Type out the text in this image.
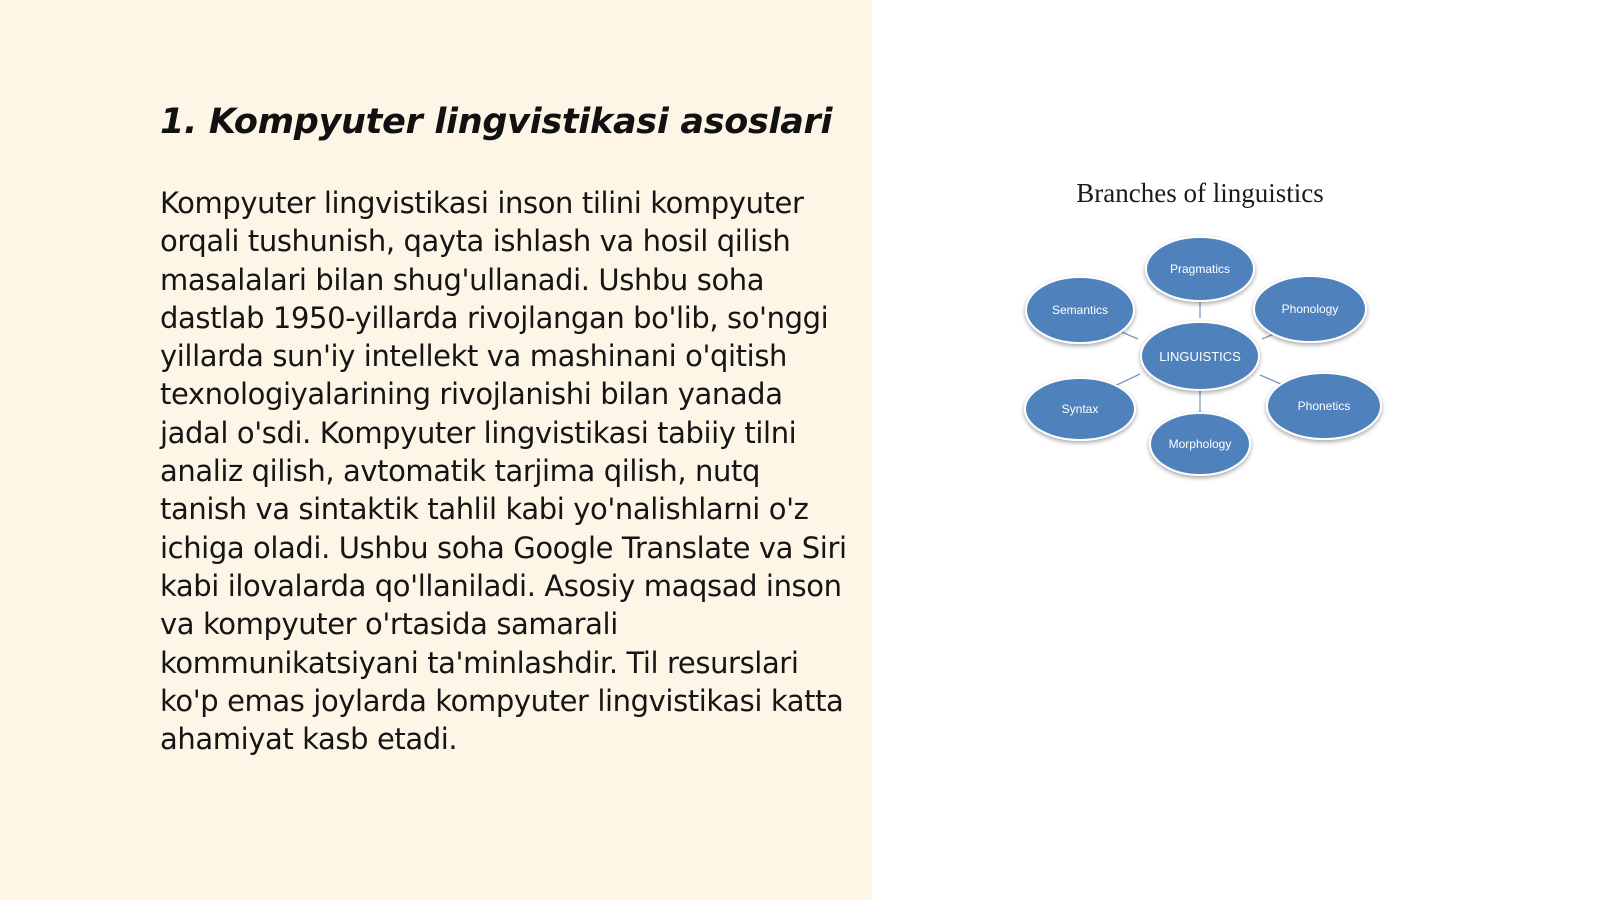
1. Kompyuter lingvistikasi asoslari

Kompyuter lingvistikasi inson tilini kompyuter orqali tushunish, qayta ishlash va hosil qilish masalalari bilan shug'ullanadi. Ushbu soha dastlab 1950-yillarda rivojlangan bo'lib, so'nggi yillarda sun'iy intellekt va mashinani o'qitish texnologiyalarining rivojlanishi bilan yanada jadal o'sdi. Kompyuter lingvistikasi tabiiy tilni analiz qilish, avtomatik tarjima qilish, nutq tanish va sintaktik tahlil kabi yo'nalishlarni o'z ichiga oladi. Ushbu soha Google Translate va Siri kabi ilovalarda qo'llaniladi. Asosiy maqsad inson va kompyuter o'rtasida samarali kommunikatsiyani ta'minlashdir. Til resurslari ko'p emas joylarda kompyuter lingvistikasi katta ahamiyat kasb etadi.

Branches of linguistics
Pragmatics
Semantics	Phonology
LINGUISTICS
Syntax	Phonetics
Morphology
